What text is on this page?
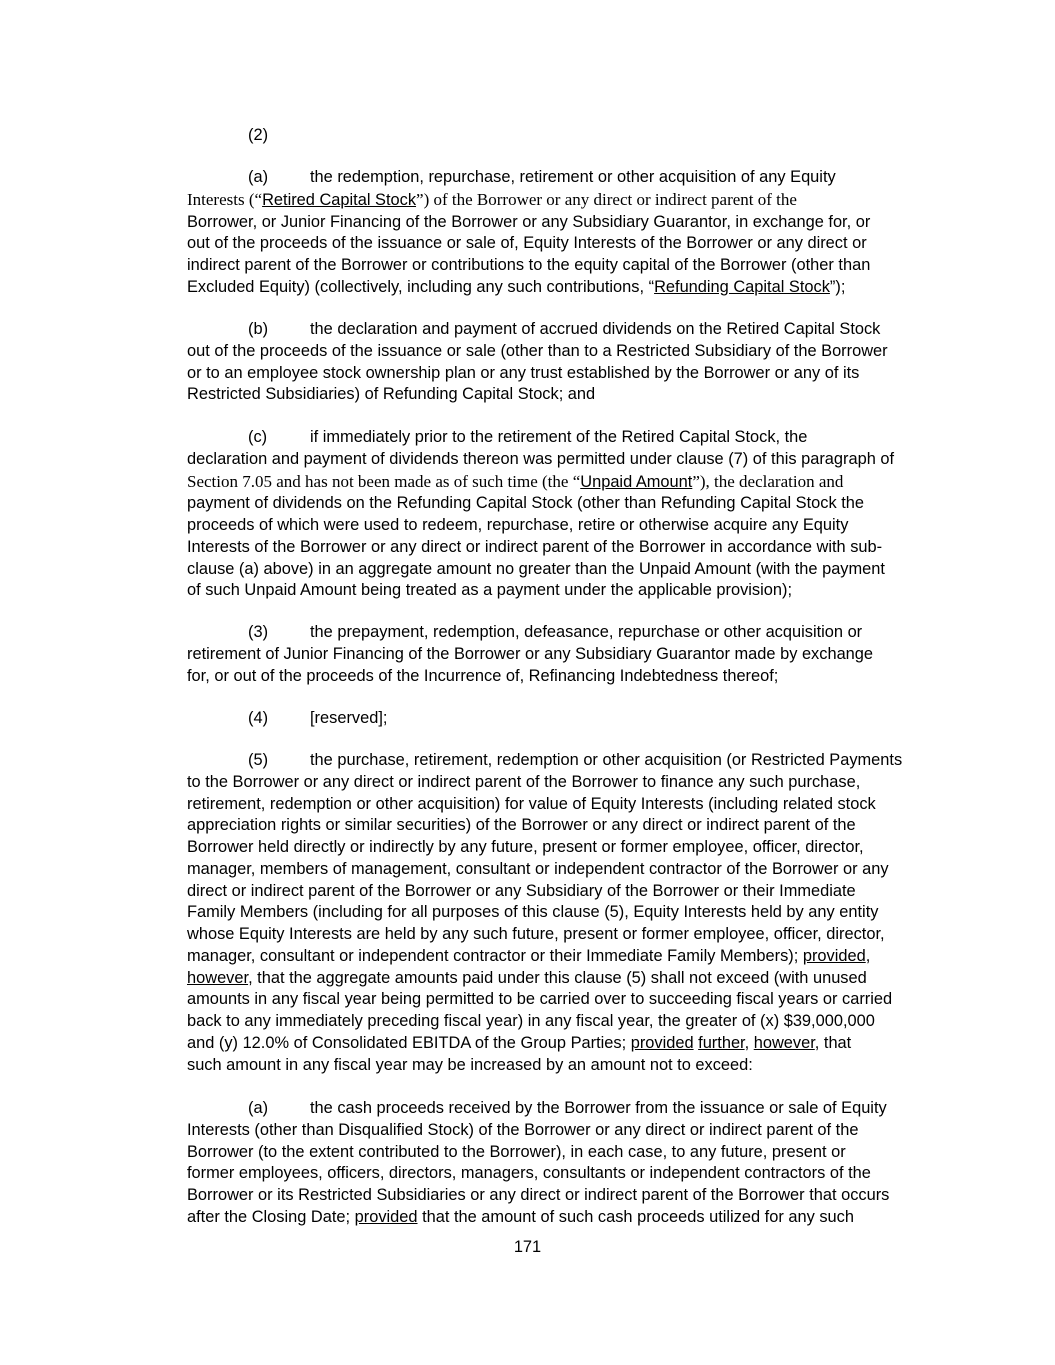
(2)
(a)	the redemption, repurchase, retirement or other acquisition of any Equity
Interests (“Retired Capital Stock”) of the Borrower or any direct or indirect parent of the
Borrower, or Junior Financing of the Borrower or any Subsidiary Guarantor, in exchange for, or
out of the proceeds of the issuance or sale of, Equity Interests of the Borrower or any direct or
indirect parent of the Borrower or contributions to the equity capital of the Borrower (other than
Excluded Equity) (collectively, including any such contributions, “Refunding Capital Stock”);
(b)	the declaration and payment of accrued dividends on the Retired Capital Stock
out of the proceeds of the issuance or sale (other than to a Restricted Subsidiary of the Borrower
or to an employee stock ownership plan or any trust established by the Borrower or any of its
Restricted Subsidiaries) of Refunding Capital Stock; and
(c)	if immediately prior to the retirement of the Retired Capital Stock, the
declaration and payment of dividends thereon was permitted under clause (7) of this paragraph of
Section 7.05 and has not been made as of such time (the “Unpaid Amount”), the declaration and
payment of dividends on the Refunding Capital Stock (other than Refunding Capital Stock the
proceeds of which were used to redeem, repurchase, retire or otherwise acquire any Equity
Interests of the Borrower or any direct or indirect parent of the Borrower in accordance with sub-
clause (a) above) in an aggregate amount no greater than the Unpaid Amount (with the payment
of such Unpaid Amount being treated as a payment under the applicable provision);
(3)	the prepayment, redemption, defeasance, repurchase or other acquisition or
retirement of Junior Financing of the Borrower or any Subsidiary Guarantor made by exchange
for, or out of the proceeds of the Incurrence of, Refinancing Indebtedness thereof;
(4)	[reserved];
(5)	the purchase, retirement, redemption or other acquisition (or Restricted Payments
to the Borrower or any direct or indirect parent of the Borrower to finance any such purchase,
retirement, redemption or other acquisition) for value of Equity Interests (including related stock
appreciation rights or similar securities) of the Borrower or any direct or indirect parent of the
Borrower held directly or indirectly by any future, present or former employee, officer, director,
manager, members of management, consultant or independent contractor of the Borrower or any
direct or indirect parent of the Borrower or any Subsidiary of the Borrower or their Immediate
Family Members (including for all purposes of this clause (5), Equity Interests held by any entity
whose Equity Interests are held by any such future, present or former employee, officer, director,
manager, consultant or independent contractor or their Immediate Family Members); provided,
however, that the aggregate amounts paid under this clause (5) shall not exceed (with unused
amounts in any fiscal year being permitted to be carried over to succeeding fiscal years or carried
back to any immediately preceding fiscal year) in any fiscal year, the greater of (x) $39,000,000
and (y) 12.0% of Consolidated EBITDA of the Group Parties; provided further, however, that
such amount in any fiscal year may be increased by an amount not to exceed:
(a)	the cash proceeds received by the Borrower from the issuance or sale of Equity
Interests (other than Disqualified Stock) of the Borrower or any direct or indirect parent of the
Borrower (to the extent contributed to the Borrower), in each case, to any future, present or
former employees, officers, directors, managers, consultants or independent contractors of the
Borrower or its Restricted Subsidiaries or any direct or indirect parent of the Borrower that occurs
after the Closing Date; provided that the amount of such cash proceeds utilized for any such
171
